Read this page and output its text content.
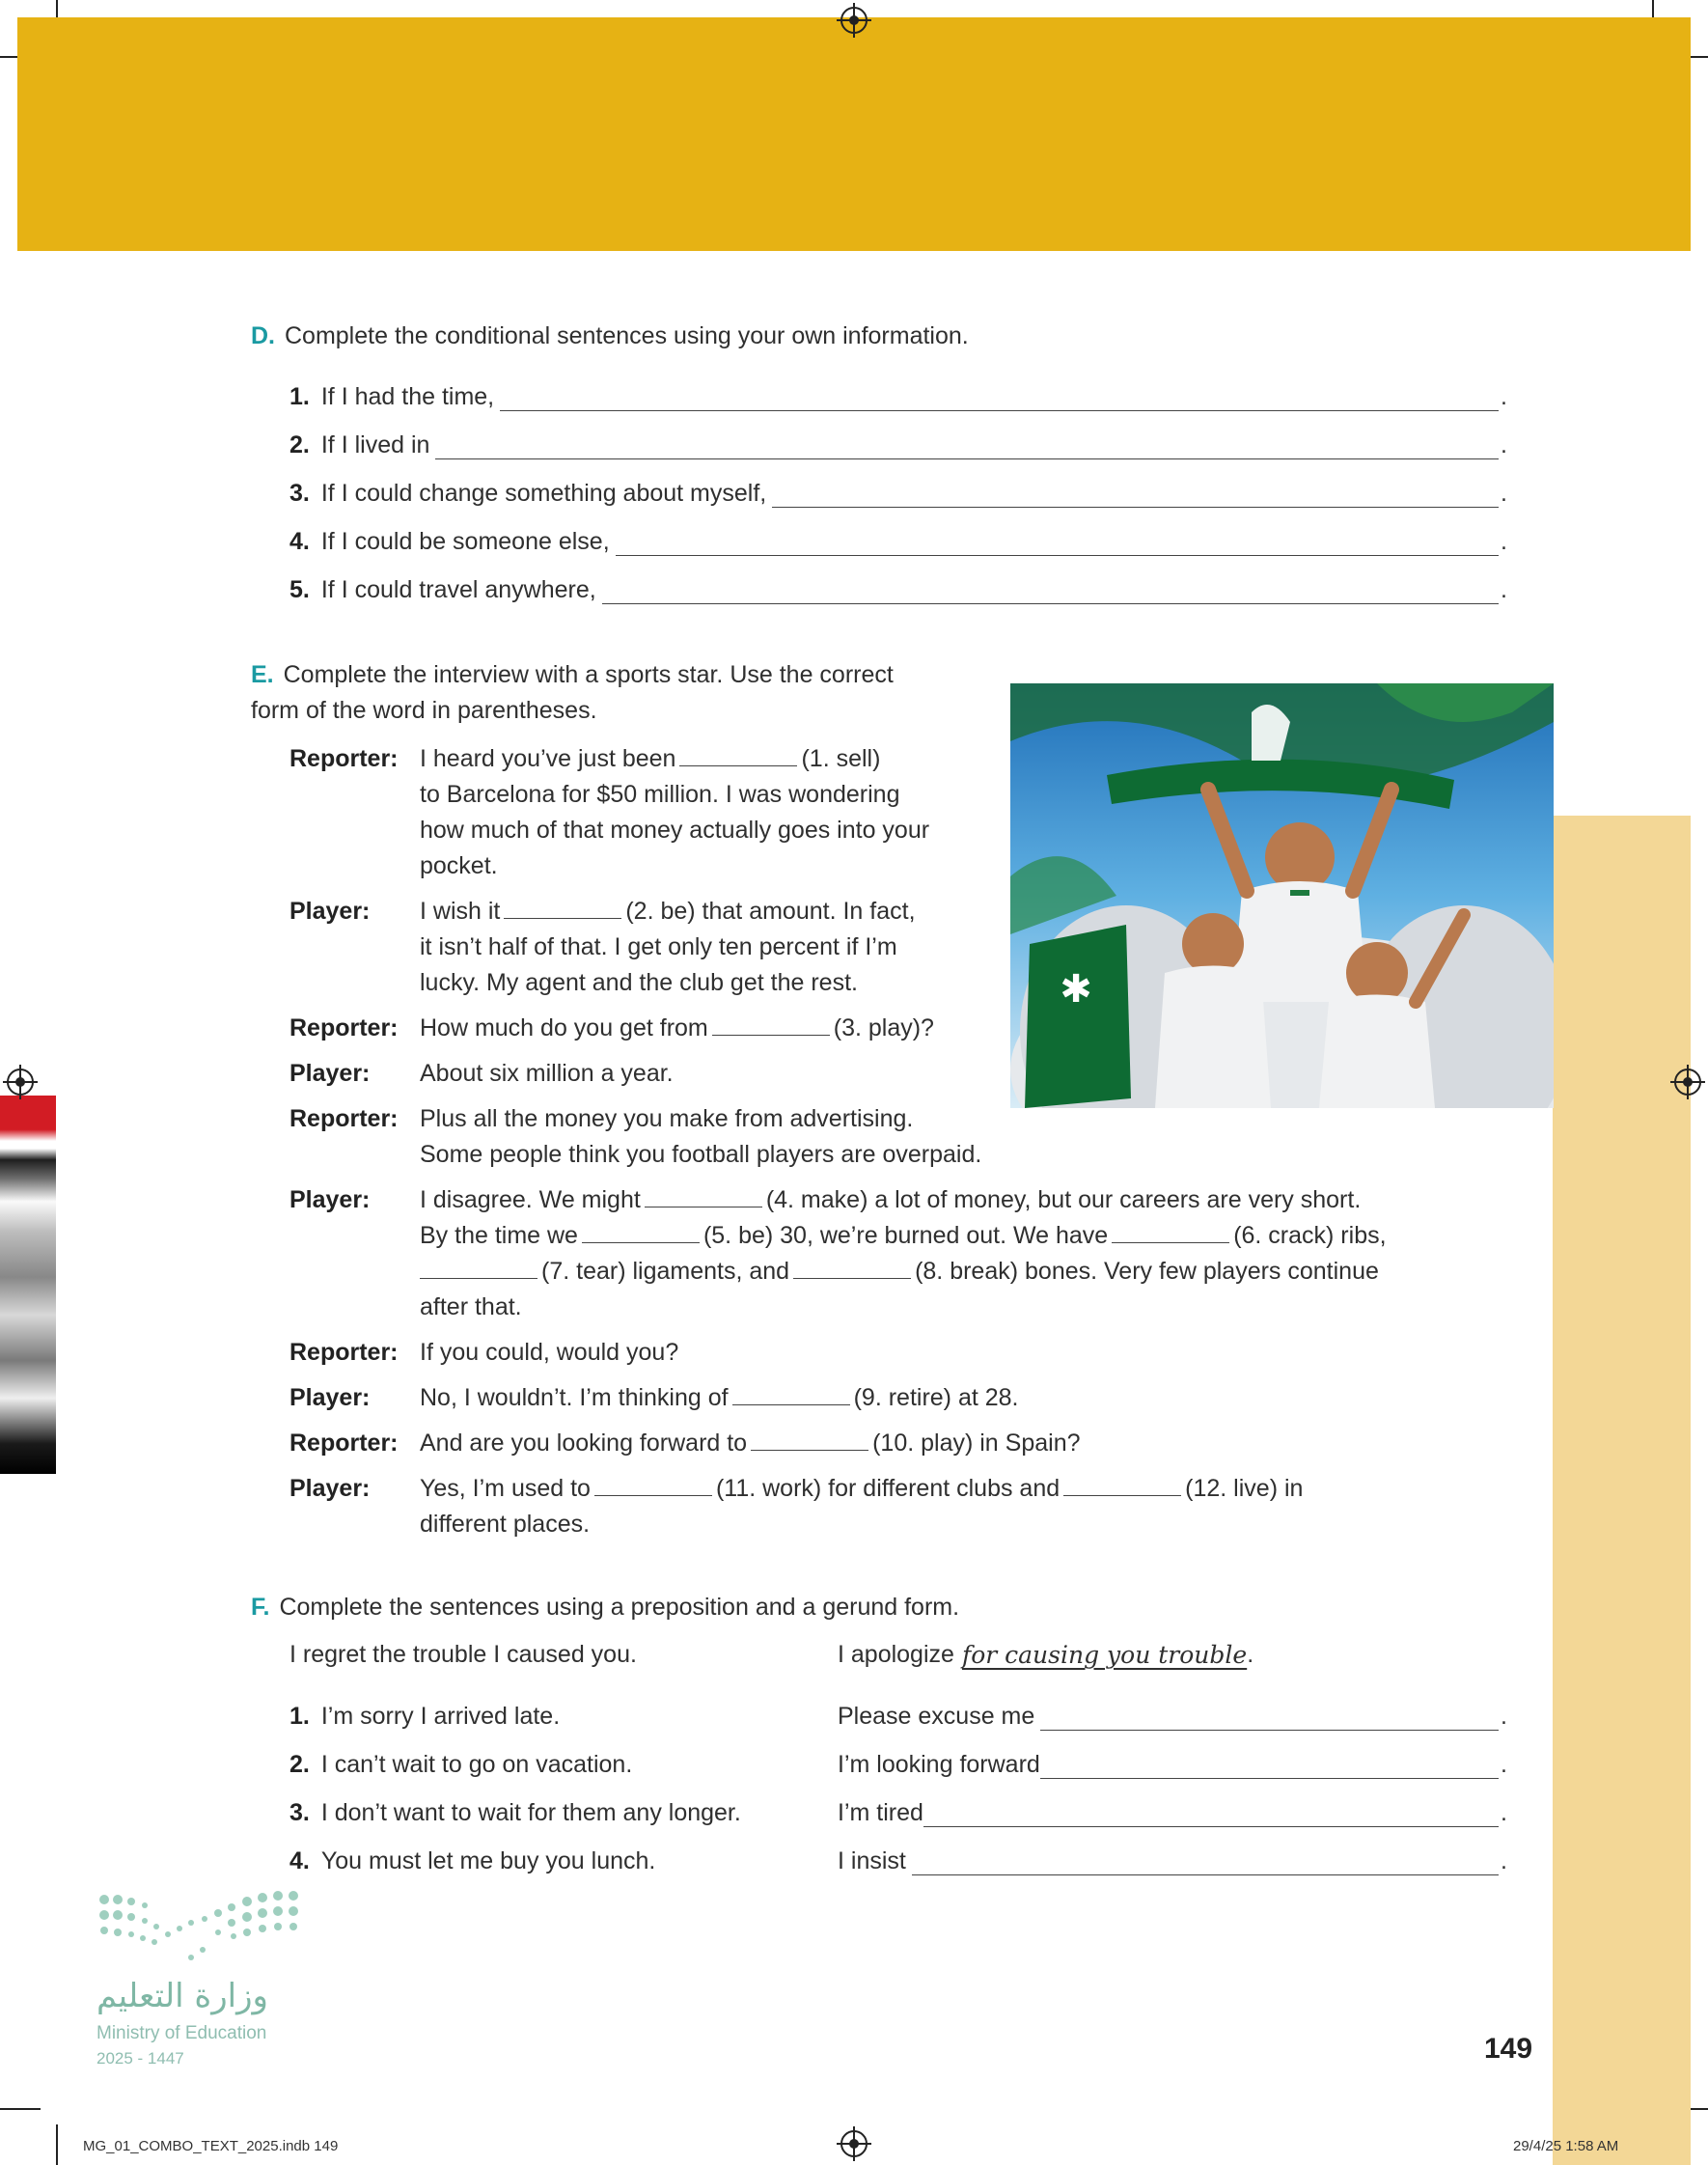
D. Complete the conditional sentences using your own information.
1. If I had the time,	.
2. If I lived in	.
3. If I could change something about myself,	.
4. If I could be someone else,	.
5. If I could travel anywhere,	.
E. Complete the interview with a sports star. Use the correct
form of the word in parentheses.
✱
Reporter: I heard you’ve just been	(1. sell)
to Barcelona for $50 million. I was wondering
how much of that money actually goes into your
pocket.
Player:	I wish it	(2. be) that amount. In fact,
it isn’t half of that. I get only ten percent if I’m
lucky. My agent and the club get the rest.
Reporter: How much do you get from	(3. play)?
Player:	About six million a year.
Reporter: Plus all the money you make from advertising.
Some people think you football players are overpaid.
Player:	I disagree. We might	(4. make) a lot of money, but our careers are very short.
By the time we	(5. be) 30, we’re burned out. We have	(6. crack) ribs,
(7. tear) ligaments, and	(8. break) bones. Very few players continue
after that.
Reporter: If you could, would you?
Player:	No, I wouldn’t. I’m thinking of	(9. retire) at 28.
Reporter: And are you looking forward to	(10. play) in Spain?
Player:	Yes, I’m used to	(11. work) for different clubs and	(12. live) in
different places.
F. Complete the sentences using a preposition and a gerund form.
I regret the trouble I caused you.	I apologize for causing you trouble .
1. I’m sorry I arrived late.	Please excuse me	.
2. I can’t wait to go on vacation.	I’m looking forward	.
3. I don’t want to wait for them any longer.	I’m tired	.
4. You must let me buy you lunch.	I insist	.
وزارة التعليم
Ministry of Education
2025 - 1447	149
MG_01_COMBO_TEXT_2025.indb 149	29/4/25 1:58 AM
